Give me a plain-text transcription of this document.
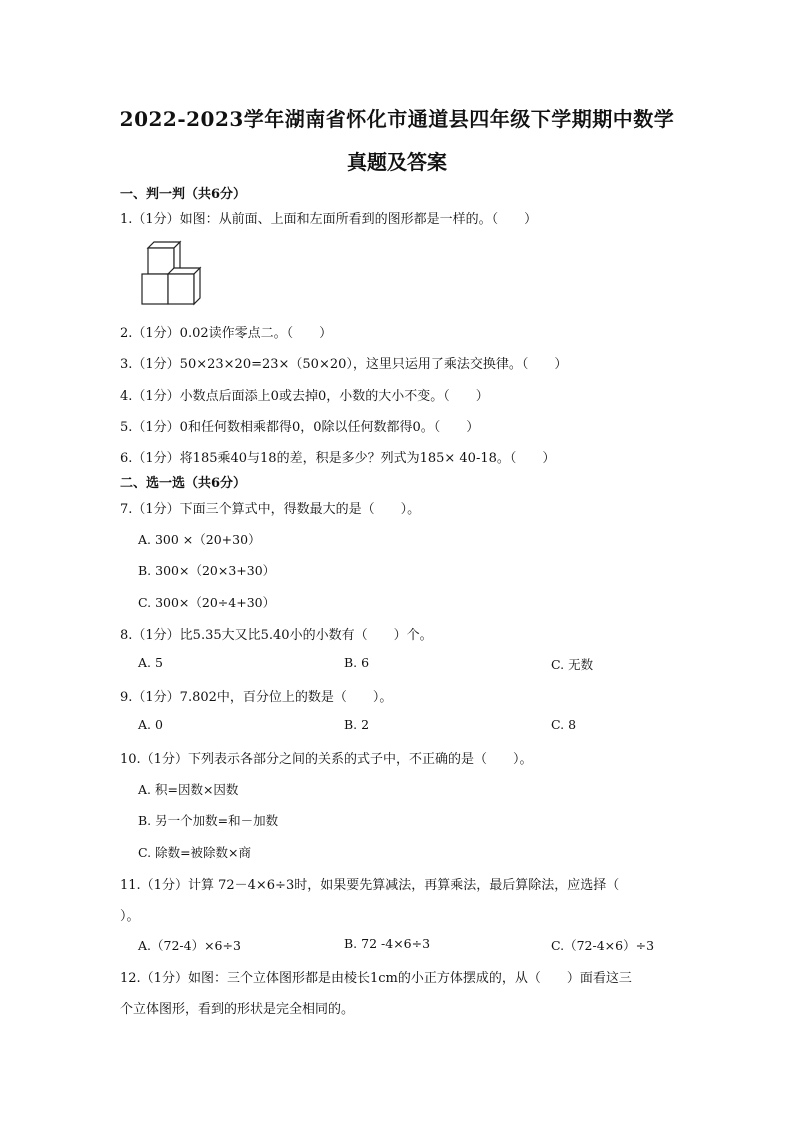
2022-2023学年湖南省怀化市通道县四年级下学期期中数学
真题及答案
一、判一判（共6分）
1.（1分）如图：从前面、上面和左面所看到的图形都是一样的。（　　）
2.（1分）0.02读作零点二。（　　）
3.（1分）50×23×20=23×（50×20），这里只运用了乘法交换律。（　　）
4.（1分）小数点后面添上0或去掉0，小数的大小不变。（　　）
5.（1分）0和任何数相乘都得0，0除以任何数都得0。（　　）
6.（1分）将185乘40与18的差，积是多少？列式为185× 40-18。（　　）
二、选一选（共6分）
7.（1分）下面三个算式中，得数最大的是（　　）。
A. 300 ×（20+30）
B. 300×（20×3+30）
C. 300×（20÷4+30）
8.（1分）比5.35大又比5.40小的小数有（　　）个。
A. 5	B. 6	C. 无数
9.（1分）7.802中，百分位上的数是（　　）。
A. 0	B. 2	C. 8
10.（1分）下列表示各部分之间的关系的式子中，不正确的是（　　）。
A. 积=因数×因数
B. 另一个加数=和－加数
C. 除数=被除数×商
11.（1分）计算 72－4×6÷3时，如果要先算减法，再算乘法，最后算除法，应选择（
）。
A.（72-4）×6÷3	B. 72 -4×6÷3	C.（72-4×6）÷3
12.（1分）如图：三个立体图形都是由棱长1cm的小正方体摆成的，从（　　）面看这三
个立体图形，看到的形状是完全相同的。
